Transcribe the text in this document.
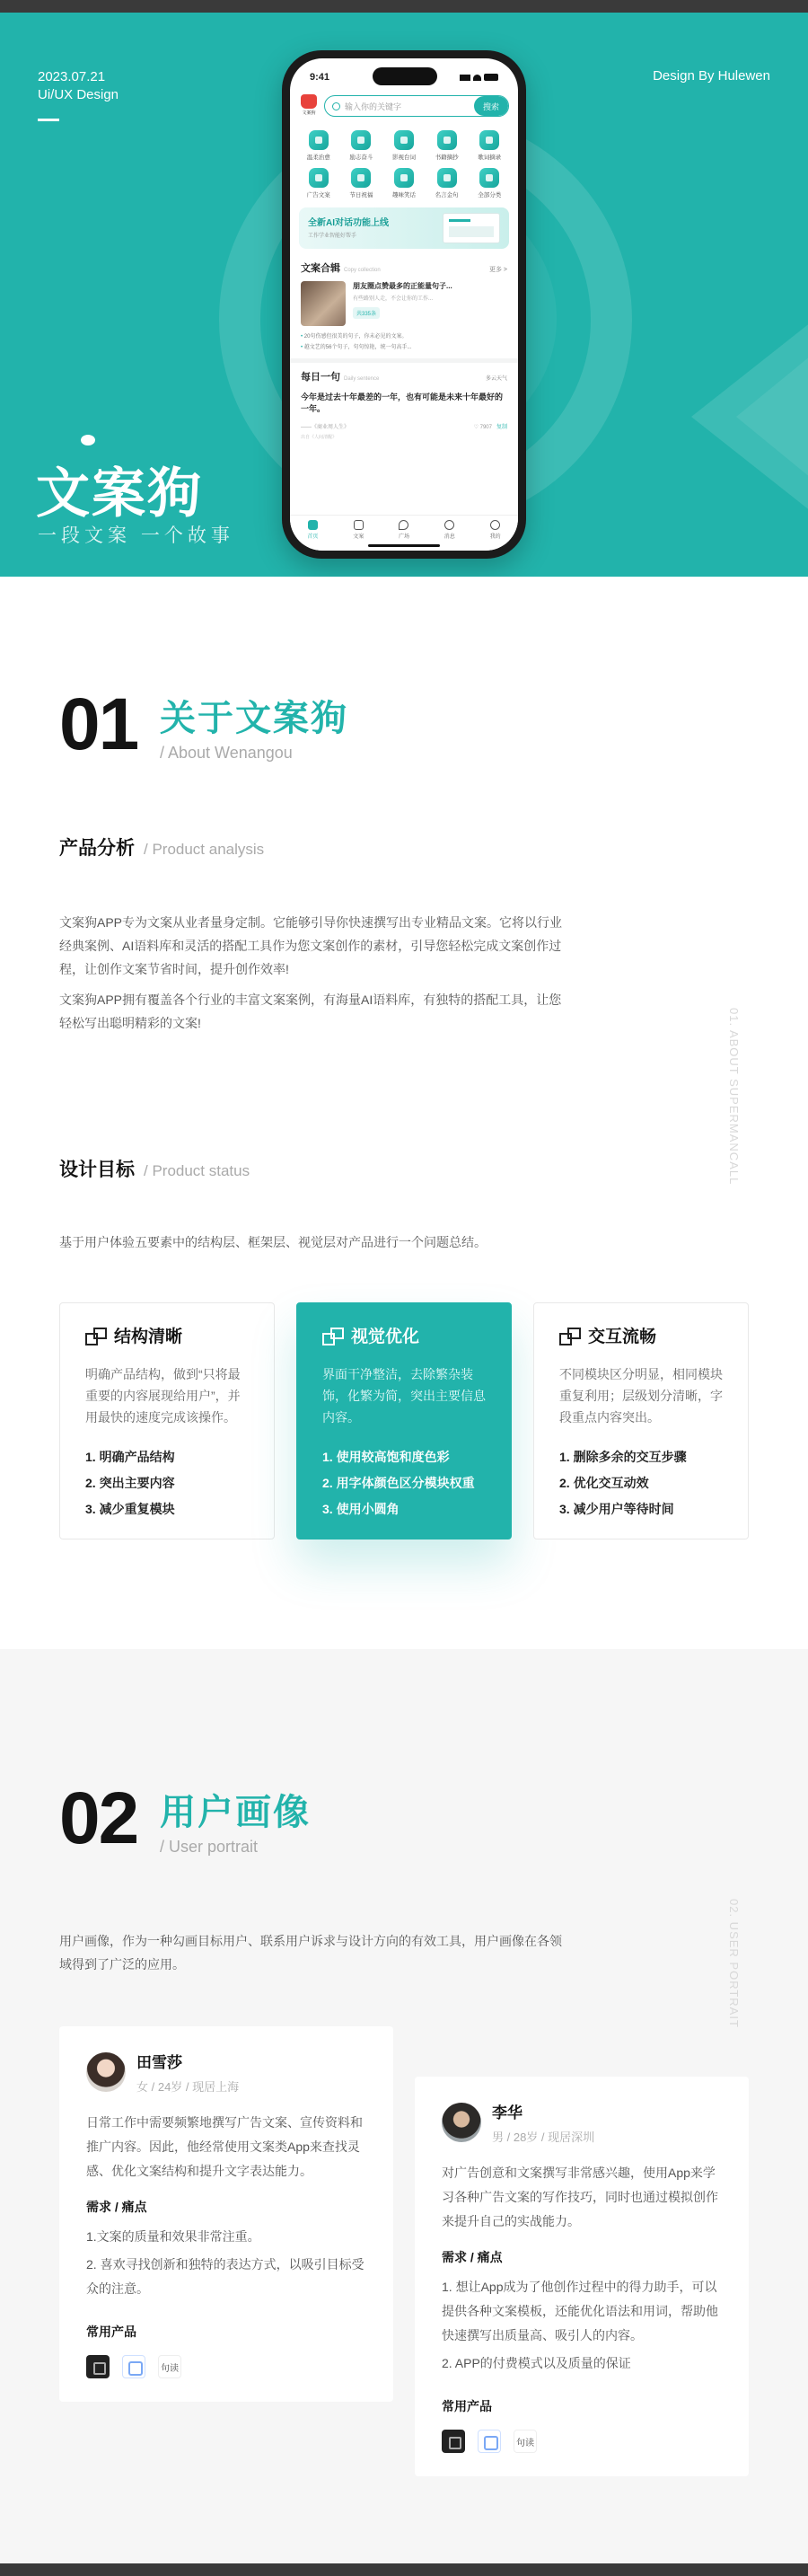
2023.07.21
Ui/UX Design
Design By Hulewen
文案狗
一段文案 一个故事
9:41
文案狗
输入你的关键字	搜索
温柔治愈	励志奋斗	影视台词	书籍摘抄	歌词摘录
广告文案	节日祝福	趣味笑话	名言金句	全部分类
全新AI对话功能上线
工作学业智能好帮手
文案合辑 Copy collection	更多 >
朋友圈点赞最多的正能量句子...
有些路别人走，不会让你的工作...
共335条
• 20句伤感但很美的句子，你未必见的文案。
• 越文艺的56个句子，句句惊艳，统一句高手...
每日一句 Daily sentence	多云天气
今年是过去十年最差的一年，也有可能是未来十年最好的一年。
——《商业周人生》	♡ 7907 复制
出自《人间清醒》
首页	文案	广场	消息	我的
01 关于文案狗
/ About Wenangou
01. ABOUT SUPERMANCALL
产品分析 / Product analysis

文案狗APP专为文案从业者量身定制。它能够引导你快速撰写出专业精品文案。它将以行业经典案例、AI语料库和灵活的搭配工具作为您文案创作的素材，引导您轻松完成文案创作过程，让创作文案节省时间，提升创作效率!

文案狗APP拥有覆盖各个行业的丰富文案案例，有海量AI语料库，有独特的搭配工具，让您轻松写出聪明精彩的文案!

设计目标 / Product status
基于用户体验五要素中的结构层、框架层、视觉层对产品进行一个问题总结。
结构清晰
明确产品结构，做到“只将最重要的内容展现给用户”，并用最快的速度完成该操作。
1. 明确产品结构
2. 突出主要内容
3. 减少重复模块
视觉优化
界面干净整洁，去除繁杂装饰，化繁为简，突出主要信息内容。
1. 使用较高饱和度色彩
2. 用字体颜色区分模块权重
3. 使用小圆角
交互流畅
不同模块区分明显，相同模块重复利用；层级划分清晰，字段重点内容突出。
1. 删除多余的交互步骤
2. 优化交互动效
3. 减少用户等待时间
02 用户画像
/ User portrait
02. USER PORTRAIT
用户画像，作为一种勾画目标用户、联系用户诉求与设计方向的有效工具，用户画像在各领域得到了广泛的应用。
田雪莎
女 / 24岁 / 现居上海
日常工作中需要频繁地撰写广告文案、宣传资料和推广内容。因此，他经常使用文案类App来查找灵感、优化文案结构和提升文字表达能力。
需求 / 痛点
1.文案的质量和效果非常注重。
2. 喜欢寻找创新和独特的表达方式，以吸引目标受众的注意。
常用产品
句读
李华
男 / 28岁 / 现居深圳
对广告创意和文案撰写非常感兴趣，使用App来学习各种广告文案的写作技巧，同时也通过模拟创作来提升自己的实战能力。
需求 / 痛点
1. 想让App成为了他创作过程中的得力助手，可以提供各种文案模板，还能优化语法和用词，帮助他快速撰写出质量高、吸引人的内容。
2. APP的付费模式以及质量的保证
常用产品
句读
